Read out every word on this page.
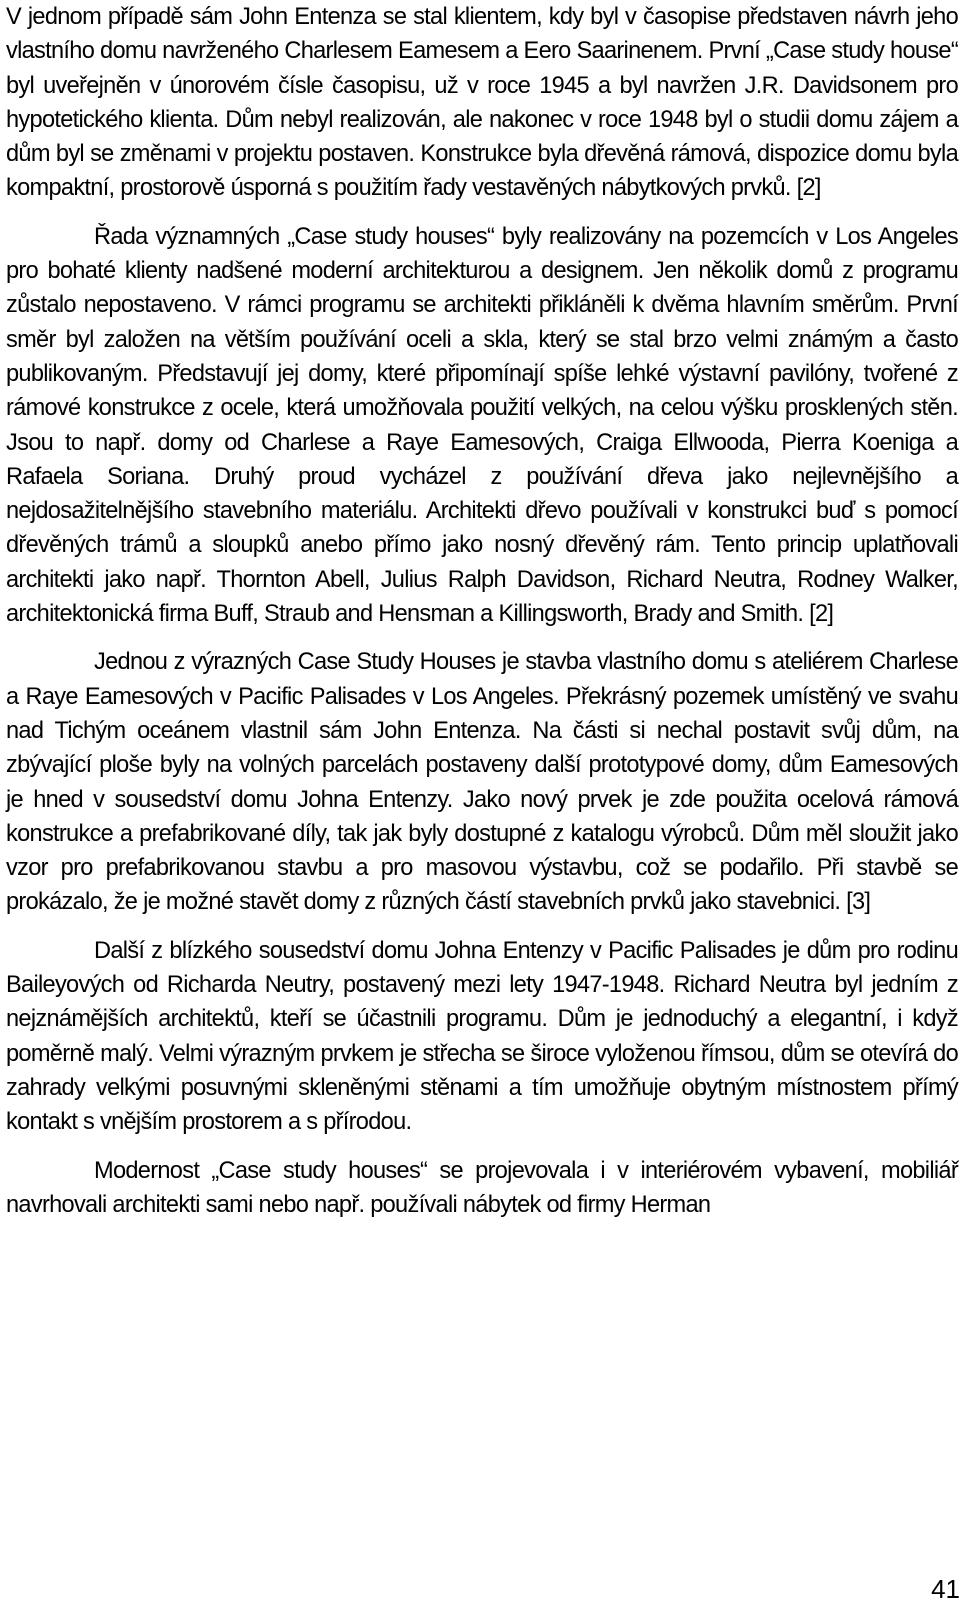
V jednom případě sám John Entenza se stal klientem, kdy byl v časopise představen návrh jeho vlastního domu navrženého Charlesem Eamesem a Eero Saarinenem. První „Case study house“ byl uveřejněn v únorovém čísle časopisu, už v roce 1945 a byl navržen J.R. Davidsonem pro hypotetického klienta. Dům nebyl realizován, ale nakonec v roce 1948 byl o studii domu zájem a dům byl se změnami v projektu postaven. Konstrukce byla dřevěná rámová, dispozice domu byla kompaktní, prostorově úsporná s použitím řady vestavěných nábytkových prvků. [2]

Řada významných „Case study houses“ byly realizovány na pozemcích v Los Angeles pro bohaté klienty nadšené moderní architekturou a designem. Jen několik domů z programu zůstalo nepostaveno. V rámci programu se architekti přikláněli k dvěma hlavním směrům. První směr byl založen na větším používání oceli a skla, který se stal brzo velmi známým a často publikovaným. Představují jej domy, které připomínají spíše lehké výstavní pavilóny, tvořené z rámové konstrukce z ocele, která umožňovala použití velkých, na celou výšku prosklených stěn. Jsou to např. domy od Charlese a Raye Eamesových, Craiga Ellwooda, Pierra Koeniga a Rafaela Soriana. Druhý proud vycházel z používání dřeva jako nejlevnějšího a nejdosažitelnějšího stavebního materiálu. Architekti dřevo používali v konstrukci buď s pomocí dřevěných trámů a sloupků anebo přímo jako nosný dřevěný rám. Tento princip uplatňovali architekti jako např. Thornton Abell, Julius Ralph Davidson, Richard Neutra, Rodney Walker, architektonická firma Buff, Straub and Hensman a Killingsworth, Brady and Smith. [2]

Jednou z výrazných Case Study Houses je stavba vlastního domu s ateliérem Charlese a Raye Eamesových v Pacific Palisades v Los Angeles. Překrásný pozemek umístěný ve svahu nad Tichým oceánem vlastnil sám John Entenza. Na části si nechal postavit svůj dům, na zbývající ploše byly na volných parcelách postaveny další prototypové domy, dům Eamesových je hned v sousedství domu Johna Entenzy. Jako nový prvek je zde použita ocelová rámová konstrukce a prefabrikované díly, tak jak byly dostupné z katalogu výrobců. Dům měl sloužit jako vzor pro prefabrikovanou stavbu a pro masovou výstavbu, což se podařilo. Při stavbě se prokázalo, že je možné stavět domy z různých částí stavebních prvků jako stavebnici. [3]

Další z blízkého sousedství domu Johna Entenzy v Pacific Palisades je dům pro rodinu Baileyových od Richarda Neutry, postavený mezi lety 1947-1948. Richard Neutra byl jedním z nejznámějších architektů, kteří se účastnili programu. Dům je jednoduchý a elegantní, i když poměrně malý. Velmi výrazným prvkem je střecha se široce vyloženou římsou, dům se otevírá do zahrady velkými posuvnými skleněnými stěnami a tím umožňuje obytným místnostem přímý kontakt s vnějším prostorem a s přírodou.

Modernost „Case study houses“ se projevovala i v interiérovém vybavení, mobiliář navrhovali architekti sami nebo např. používali nábytek od firmy Herman

41
